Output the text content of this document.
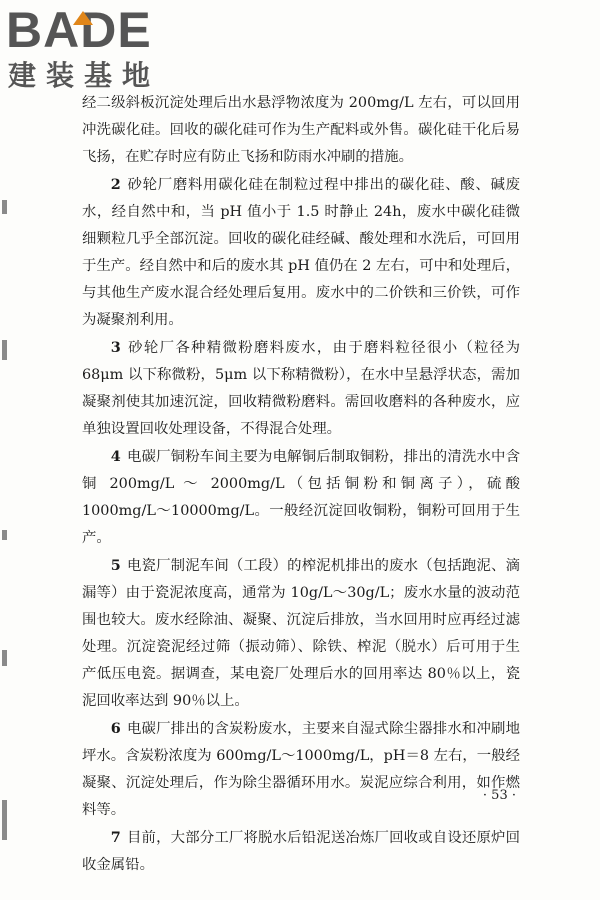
BADE
建装基地

经二级斜板沉淀处理后出水悬浮物浓度为 200mg/L 左右，可以回用冲洗碳化硅。回收的碳化硅可作为生产配料或外售。碳化硅干化后易飞扬，在贮存时应有防止飞扬和防雨水冲刷的措施。

2 砂轮厂磨料用碳化硅在制粒过程中排出的碳化硅、酸、碱废水，经自然中和，当 pH 值小于 1.5 时静止 24h，废水中碳化硅微细颗粒几乎全部沉淀。回收的碳化硅经碱、酸处理和水洗后，可回用于生产。经自然中和后的废水其 pH 值仍在 2 左右，可中和处理后，与其他生产废水混合经处理后复用。废水中的二价铁和三价铁，可作为凝聚剂利用。

3 砂轮厂各种精微粉磨料废水，由于磨料粒径很小（粒径为 68μm 以下称微粉，5μm 以下称精微粉），在水中呈悬浮状态，需加凝聚剂使其加速沉淀，回收精微粉磨料。需回收磨料的各种废水，应单独设置回收处理设备，不得混合处理。

4 电碳厂铜粉车间主要为电解铜后制取铜粉，排出的清洗水中含铜 200mg/L ～ 2000mg/L（包括铜粉和铜离子），硫酸 1000mg/L～10000mg/L。一般经沉淀回收铜粉，铜粉可回用于生产。

5 电瓷厂制泥车间（工段）的榨泥机排出的废水（包括跑泥、滴漏等）由于瓷泥浓度高，通常为 10g/L～30g/L；废水水量的波动范围也较大。废水经除油、凝聚、沉淀后排放，当水回用时应再经过滤处理。沉淀瓷泥经过筛（振动筛）、除铁、榨泥（脱水）后可用于生产低压电瓷。据调查，某电瓷厂处理后水的回用率达 80％以上，瓷泥回收率达到 90％以上。

6 电碳厂排出的含炭粉废水，主要来自湿式除尘器排水和冲刷地坪水。含炭粉浓度为 600mg/L～1000mg/L，pH＝8 左右，一般经凝聚、沉淀处理后，作为除尘器循环用水。炭泥应综合利用，如作燃料等。

7 目前，大部分工厂将脱水后铅泥送冶炼厂回收或自设还原炉回收金属铅。

· 53 ·
